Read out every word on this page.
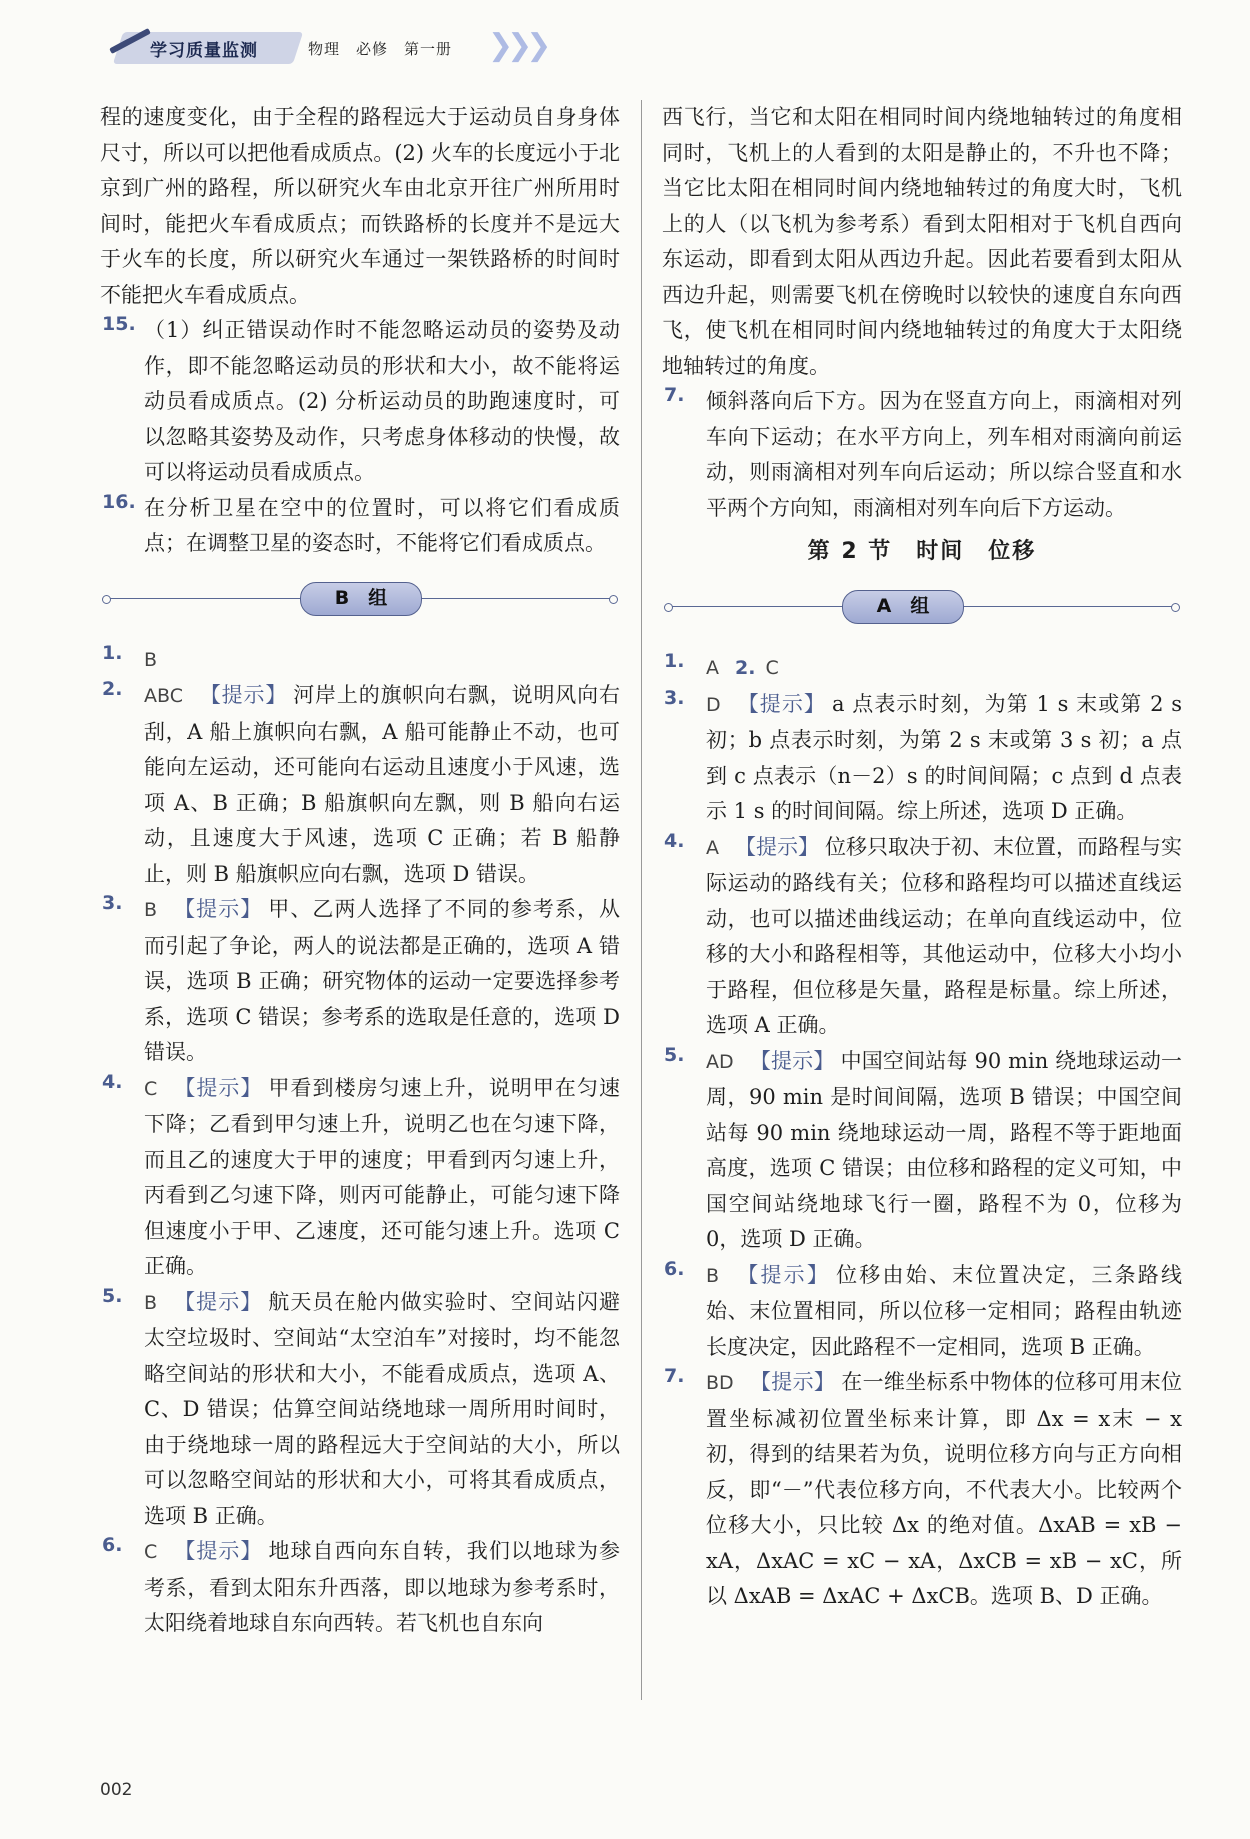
学习质量监测	物理　必修　第一册 ❯❯❯

程的速度变化，由于全程的路程远大于运动员自身身体尺寸，所以可以把他看成质点。(2) 火车的长度远小于北京到广州的路程，所以研究火车由北京开往广州所用时间时，能把火车看成质点；而铁路桥的长度并不是远大于火车的长度，所以研究火车通过一架铁路桥的时间时不能把火车看成质点。

15. （1）纠正错误动作时不能忽略运动员的姿势及动作，即不能忽略运动员的形状和大小，故不能将运动员看成质点。(2) 分析运动员的助跑速度时，可以忽略其姿势及动作，只考虑身体移动的快慢，故可以将运动员看成质点。

16. 在分析卫星在空中的位置时，可以将它们看成质点；在调整卫星的姿态时，不能将它们看成质点。

B　组
1. B

2. ABC 【提示】 河岸上的旗帜向右飘，说明风向右刮，A 船上旗帜向右飘，A 船可能静止不动，也可能向左运动，还可能向右运动且速度小于风速，选项 A、B 正确；B 船旗帜向左飘，则 B 船向右运动，且速度大于风速，选项 C 正确；若 B 船静止，则 B 船旗帜应向右飘，选项 D 错误。

3. B 【提示】 甲、乙两人选择了不同的参考系，从而引起了争论，两人的说法都是正确的，选项 A 错误，选项 B 正确；研究物体的运动一定要选择参考系，选项 C 错误；参考系的选取是任意的，选项 D 错误。

4. C 【提示】 甲看到楼房匀速上升，说明甲在匀速下降；乙看到甲匀速上升，说明乙也在匀速下降，而且乙的速度大于甲的速度；甲看到丙匀速上升，丙看到乙匀速下降，则丙可能静止，可能匀速下降但速度小于甲、乙速度，还可能匀速上升。选项 C 正确。

5. B 【提示】 航天员在舱内做实验时、空间站闪避太空垃圾时、空间站“太空泊车”对接时，均不能忽略空间站的形状和大小，不能看成质点，选项 A、C、D 错误；估算空间站绕地球一周所用时间时，由于绕地球一周的路程远大于空间站的大小，所以可以忽略空间站的形状和大小，可将其看成质点，选项 B 正确。

6. C 【提示】 地球自西向东自转，我们以地球为参考系，看到太阳东升西落，即以地球为参考系时，太阳绕着地球自东向西转。若飞机也自东向

西飞行，当它和太阳在相同时间内绕地轴转过的角度相同时，飞机上的人看到的太阳是静止的，不升也不降；当它比太阳在相同时间内绕地轴转过的角度大时，飞机上的人（以飞机为参考系）看到太阳相对于飞机自西向东运动，即看到太阳从西边升起。因此若要看到太阳从西边升起，则需要飞机在傍晚时以较快的速度自东向西飞，使飞机在相同时间内绕地轴转过的角度大于太阳绕地轴转过的角度。

7. 倾斜落向后下方。因为在竖直方向上，雨滴相对列车向下运动；在水平方向上，列车相对雨滴向前运动，则雨滴相对列车向后运动；所以综合竖直和水平两个方向知，雨滴相对列车向后下方运动。

第 2 节　时间　位移
A　组
1. A 2. C

3. D 【提示】 a 点表示时刻，为第 1 s 末或第 2 s 初；b 点表示时刻，为第 2 s 末或第 3 s 初；a 点到 c 点表示（n－2）s 的时间间隔；c 点到 d 点表示 1 s 的时间间隔。综上所述，选项 D 正确。

4. A 【提示】 位移只取决于初、末位置，而路程与实际运动的路线有关；位移和路程均可以描述直线运动，也可以描述曲线运动；在单向直线运动中，位移的大小和路程相等，其他运动中，位移大小均小于路程，但位移是矢量，路程是标量。综上所述，选项 A 正确。

5. AD 【提示】 中国空间站每 90 min 绕地球运动一周，90 min 是时间间隔，选项 B 错误；中国空间站每 90 min 绕地球运动一周，路程不等于距地面高度，选项 C 错误；由位移和路程的定义可知，中国空间站绕地球飞行一圈，路程不为 0，位移为 0，选项 D 正确。

6. B 【提示】 位移由始、末位置决定，三条路线始、末位置相同，所以位移一定相同；路程由轨迹长度决定，因此路程不一定相同，选项 B 正确。

7. BD 【提示】 在一维坐标系中物体的位移可用末位置坐标减初位置坐标来计算，即 Δx = x末 − x初，得到的结果若为负，说明位移方向与正方向相反，即“－”代表位移方向，不代表大小。比较两个位移大小，只比较 Δx 的绝对值。ΔxAB = xB − xA，ΔxAC = xC − xA，ΔxCB = xB − xC，所以 ΔxAB = ΔxAC + ΔxCB。选项 B、D 正确。

002
